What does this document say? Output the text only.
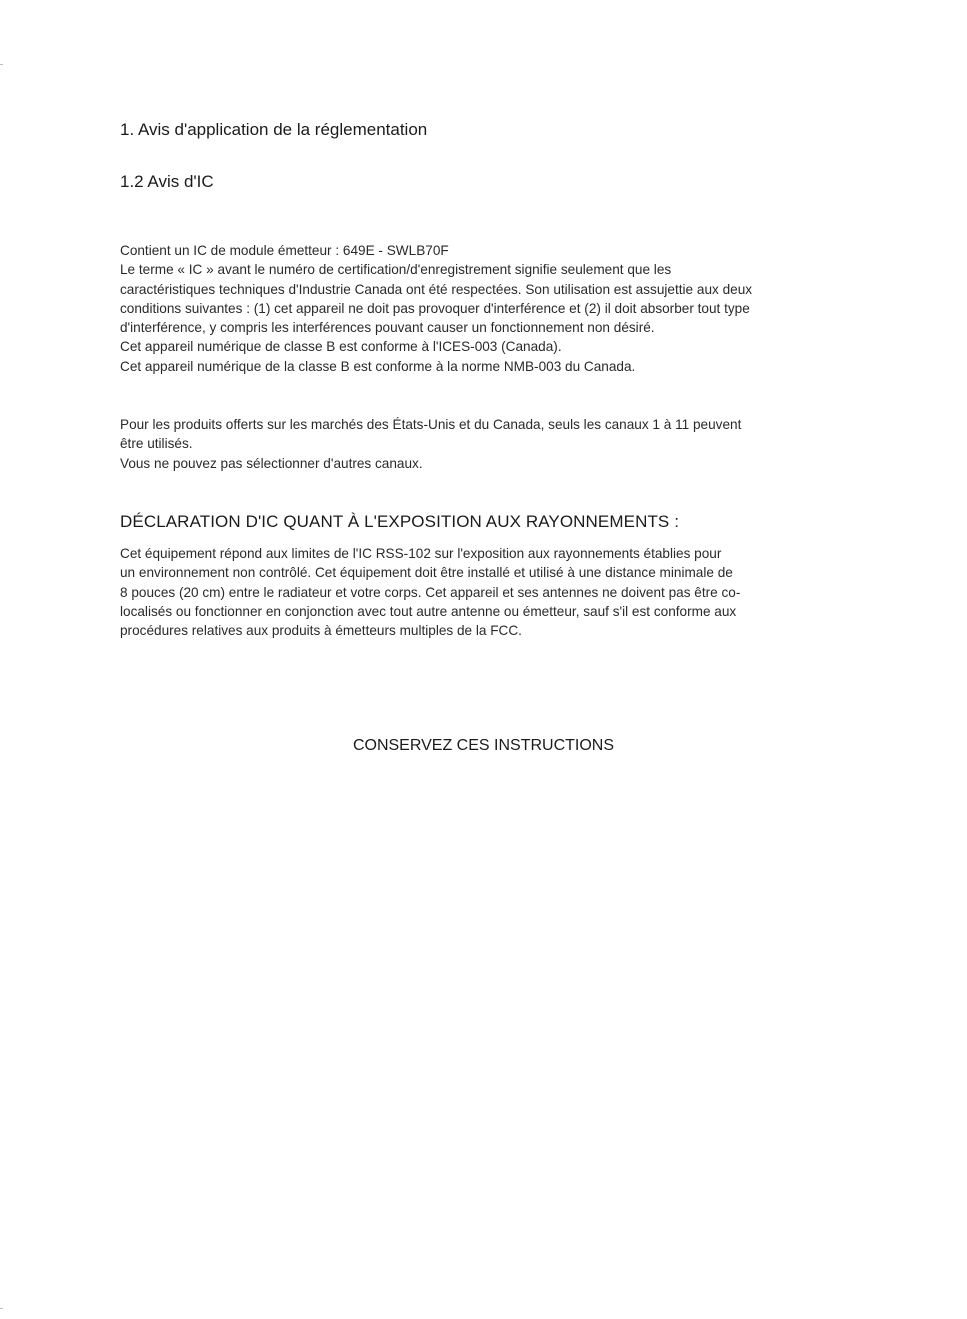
1. Avis d'application de la réglementation
1.2 Avis d'IC

Contient un IC de module émetteur : 649E - SWLB70F
Le terme « IC » avant le numéro de certification/d'enregistrement signifie seulement que les
caractéristiques techniques d'Industrie Canada ont été respectées. Son utilisation est assujettie aux deux
conditions suivantes : (1) cet appareil ne doit pas provoquer d'interférence et (2) il doit absorber tout type
d'interférence, y compris les interférences pouvant causer un fonctionnement non désiré.
Cet appareil numérique de classe B est conforme à l'ICES-003 (Canada).
Cet appareil numérique de la classe B est conforme à la norme NMB-003 du Canada.

Pour les produits offerts sur les marchés des États-Unis et du Canada, seuls les canaux 1 à 11 peuvent
être utilisés.
Vous ne pouvez pas sélectionner d'autres canaux.

DÉCLARATION D'IC QUANT À L'EXPOSITION AUX RAYONNEMENTS :

Cet équipement répond aux limites de l'IC RSS-102 sur l'exposition aux rayonnements établies pour
un environnement non contrôlé. Cet équipement doit être installé et utilisé à une distance minimale de
8 pouces (20 cm) entre le radiateur et votre corps. Cet appareil et ses antennes ne doivent pas être co-
localisés ou fonctionner en conjonction avec tout autre antenne ou émetteur, sauf s'il est conforme aux
procédures relatives aux produits à émetteurs multiples de la FCC.

CONSERVEZ CES INSTRUCTIONS
